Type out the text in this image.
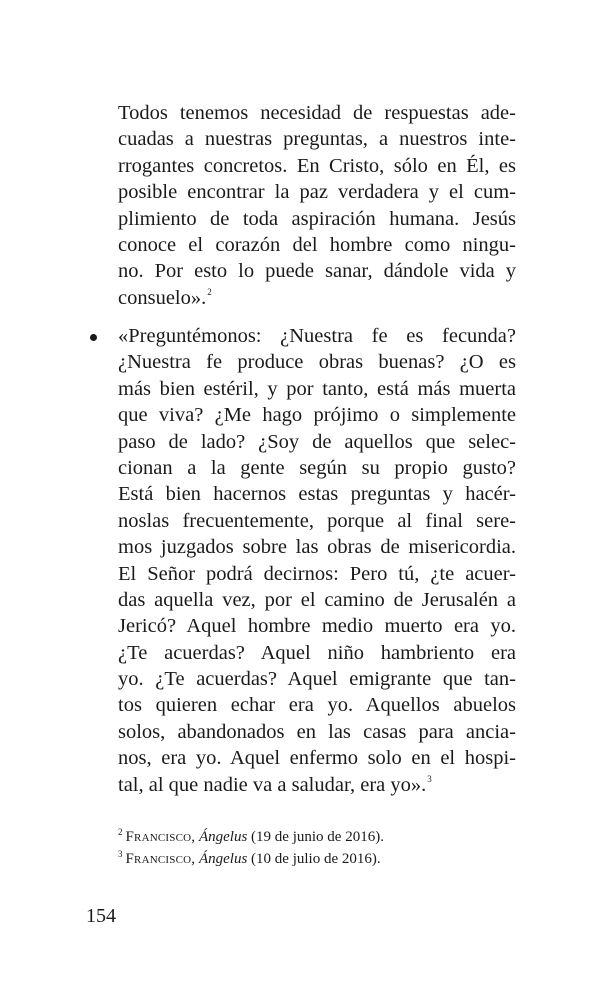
Todos tenemos necesidad de respuestas ade-
cuadas a nuestras preguntas, a nuestros inte-
rrogantes concretos. En Cristo, sólo en Él, es
posible encontrar la paz verdadera y el cum-
plimiento de toda aspiración humana. Jesús
conoce el corazón del hombre como ningu-
no. Por esto lo puede sanar, dándole vida y
consuelo».$^2$
«Preguntémonos: ¿Nuestra fe es fecunda?
¿Nuestra fe produce obras buenas? ¿O es
más bien estéril, y por tanto, está más muerta
que viva? ¿Me hago prójimo o simplemente
paso de lado? ¿Soy de aquellos que selec-
cionan a la gente según su propio gusto?
Está bien hacernos estas preguntas y hacér-
noslas frecuentemente, porque al final sere-
mos juzgados sobre las obras de misericordia.
El Señor podrá decirnos: Pero tú, ¿te acuer-
das aquella vez, por el camino de Jerusalén a
Jericó? Aquel hombre medio muerto era yo.
¿Te acuerdas? Aquel niño hambriento era
yo. ¿Te acuerdas? Aquel emigrante que tan-
tos quieren echar era yo. Aquellos abuelos
solos, abandonados en las casas para ancia-
nos, era yo. Aquel enfermo solo en el hospi-
tal, al que nadie va a saludar, era yo».$^3$
$^2$ Francisco, Ángelus (19 de junio de 2016).
$^3$ Francisco, Ángelus (10 de julio de 2016).
154
